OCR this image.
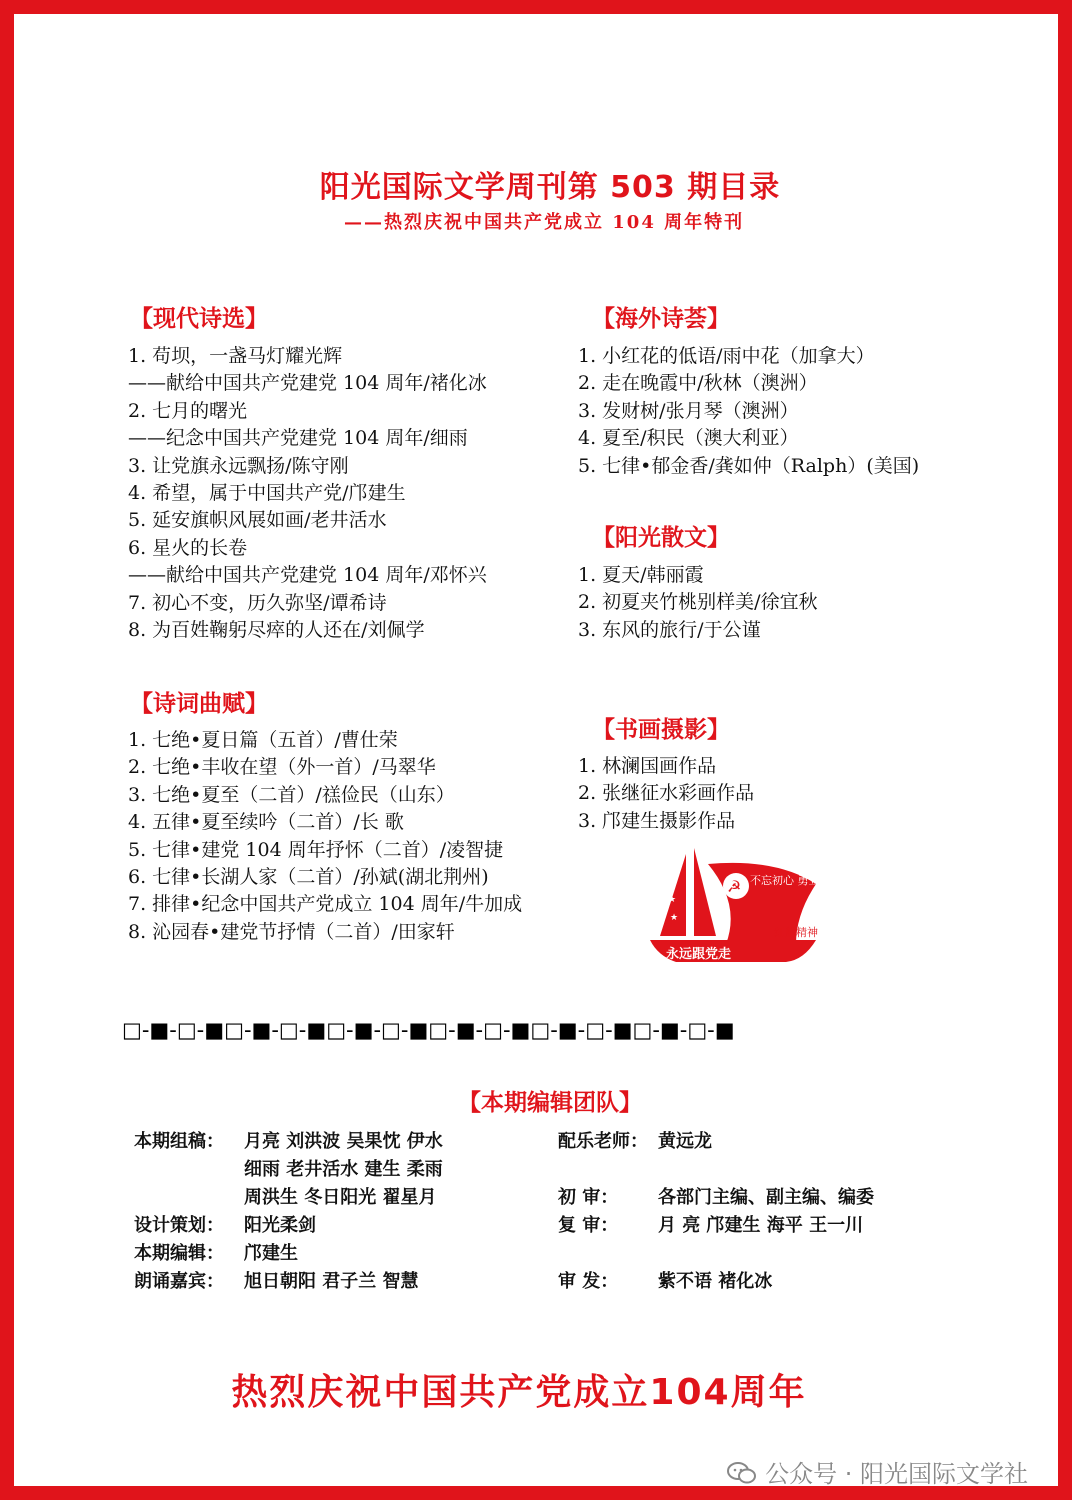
阳光国际文学周刊第 503 期目录
——热烈庆祝中国共产党成立 104 周年特刊
【现代诗选】
1. 苟坝，一盏马灯耀光辉
——献给中国共产党建党 104 周年/褚化冰
2. 七月的曙光
——纪念中国共产党建党 104 周年/细雨
3. 让党旗永远飘扬/陈守刚
4. 希望，属于中国共产党/邝建生
5. 延安旗帜风展如画/老井活水
6. 星火的长卷
——献给中国共产党建党 104 周年/邓怀兴
7. 初心不变，历久弥坚/谭希诗
8. 为百姓鞠躬尽瘁的人还在/刘佩学
【诗词曲赋】
1. 七绝•夏日篇（五首）/曹仕荣
2. 七绝•丰收在望（外一首）/马翠华
3. 七绝•夏至（二首）/禚俭民（山东）
4. 五律•夏至续吟（二首）/长 歌
5. 七律•建党 104 周年抒怀（二首）/凌智捷
6. 七律•长湖人家（二首）/孙斌(湖北荆州)
7. 排律•纪念中国共产党成立 104 周年/牛加成
8. 沁园春•建党节抒情（二首）/田家轩
【海外诗荟】
1. 小红花的低语/雨中花（加拿大）
2. 走在晚霞中/秋林（澳洲）
3. 发财树/张月琴（澳洲）
4. 夏至/积民（澳大利亚）
5. 七律•郁金香/龚如仲（Ralph）(美国)
【阳光散文】
1. 夏天/韩丽霞
2. 初夏夹竹桃别样美/徐宜秋
3. 东风的旅行/于公谨
【书画摄影】
1. 林澜国画作品
2. 张继征水彩画作品
3. 邝建生摄影作品
★
★
★
☭ 不忘初心 勇立潮头
红船精神
永远跟党走
□-■-□-■□-■-□-■□-■-□-■□-■-□-■□-■-□-■□-■-□-■
【本期编辑团队】
本期组稿： 月亮 刘洪波 吴果忱 伊水
细雨 老井活水 建生 柔雨
周洪生 冬日阳光 翟星月
设计策划： 阳光柔剑
本期编辑： 邝建生
朗诵嘉宾： 旭日朝阳 君子兰 智慧
配乐老师： 黄远龙
初 审： 各部门主编、副主编、编委
复 审： 月 亮 邝建生 海平 王一川
审 发： 紫不语 褚化冰
热烈庆祝中国共产党成立104周年
公众号 · 阳光国际文学社
